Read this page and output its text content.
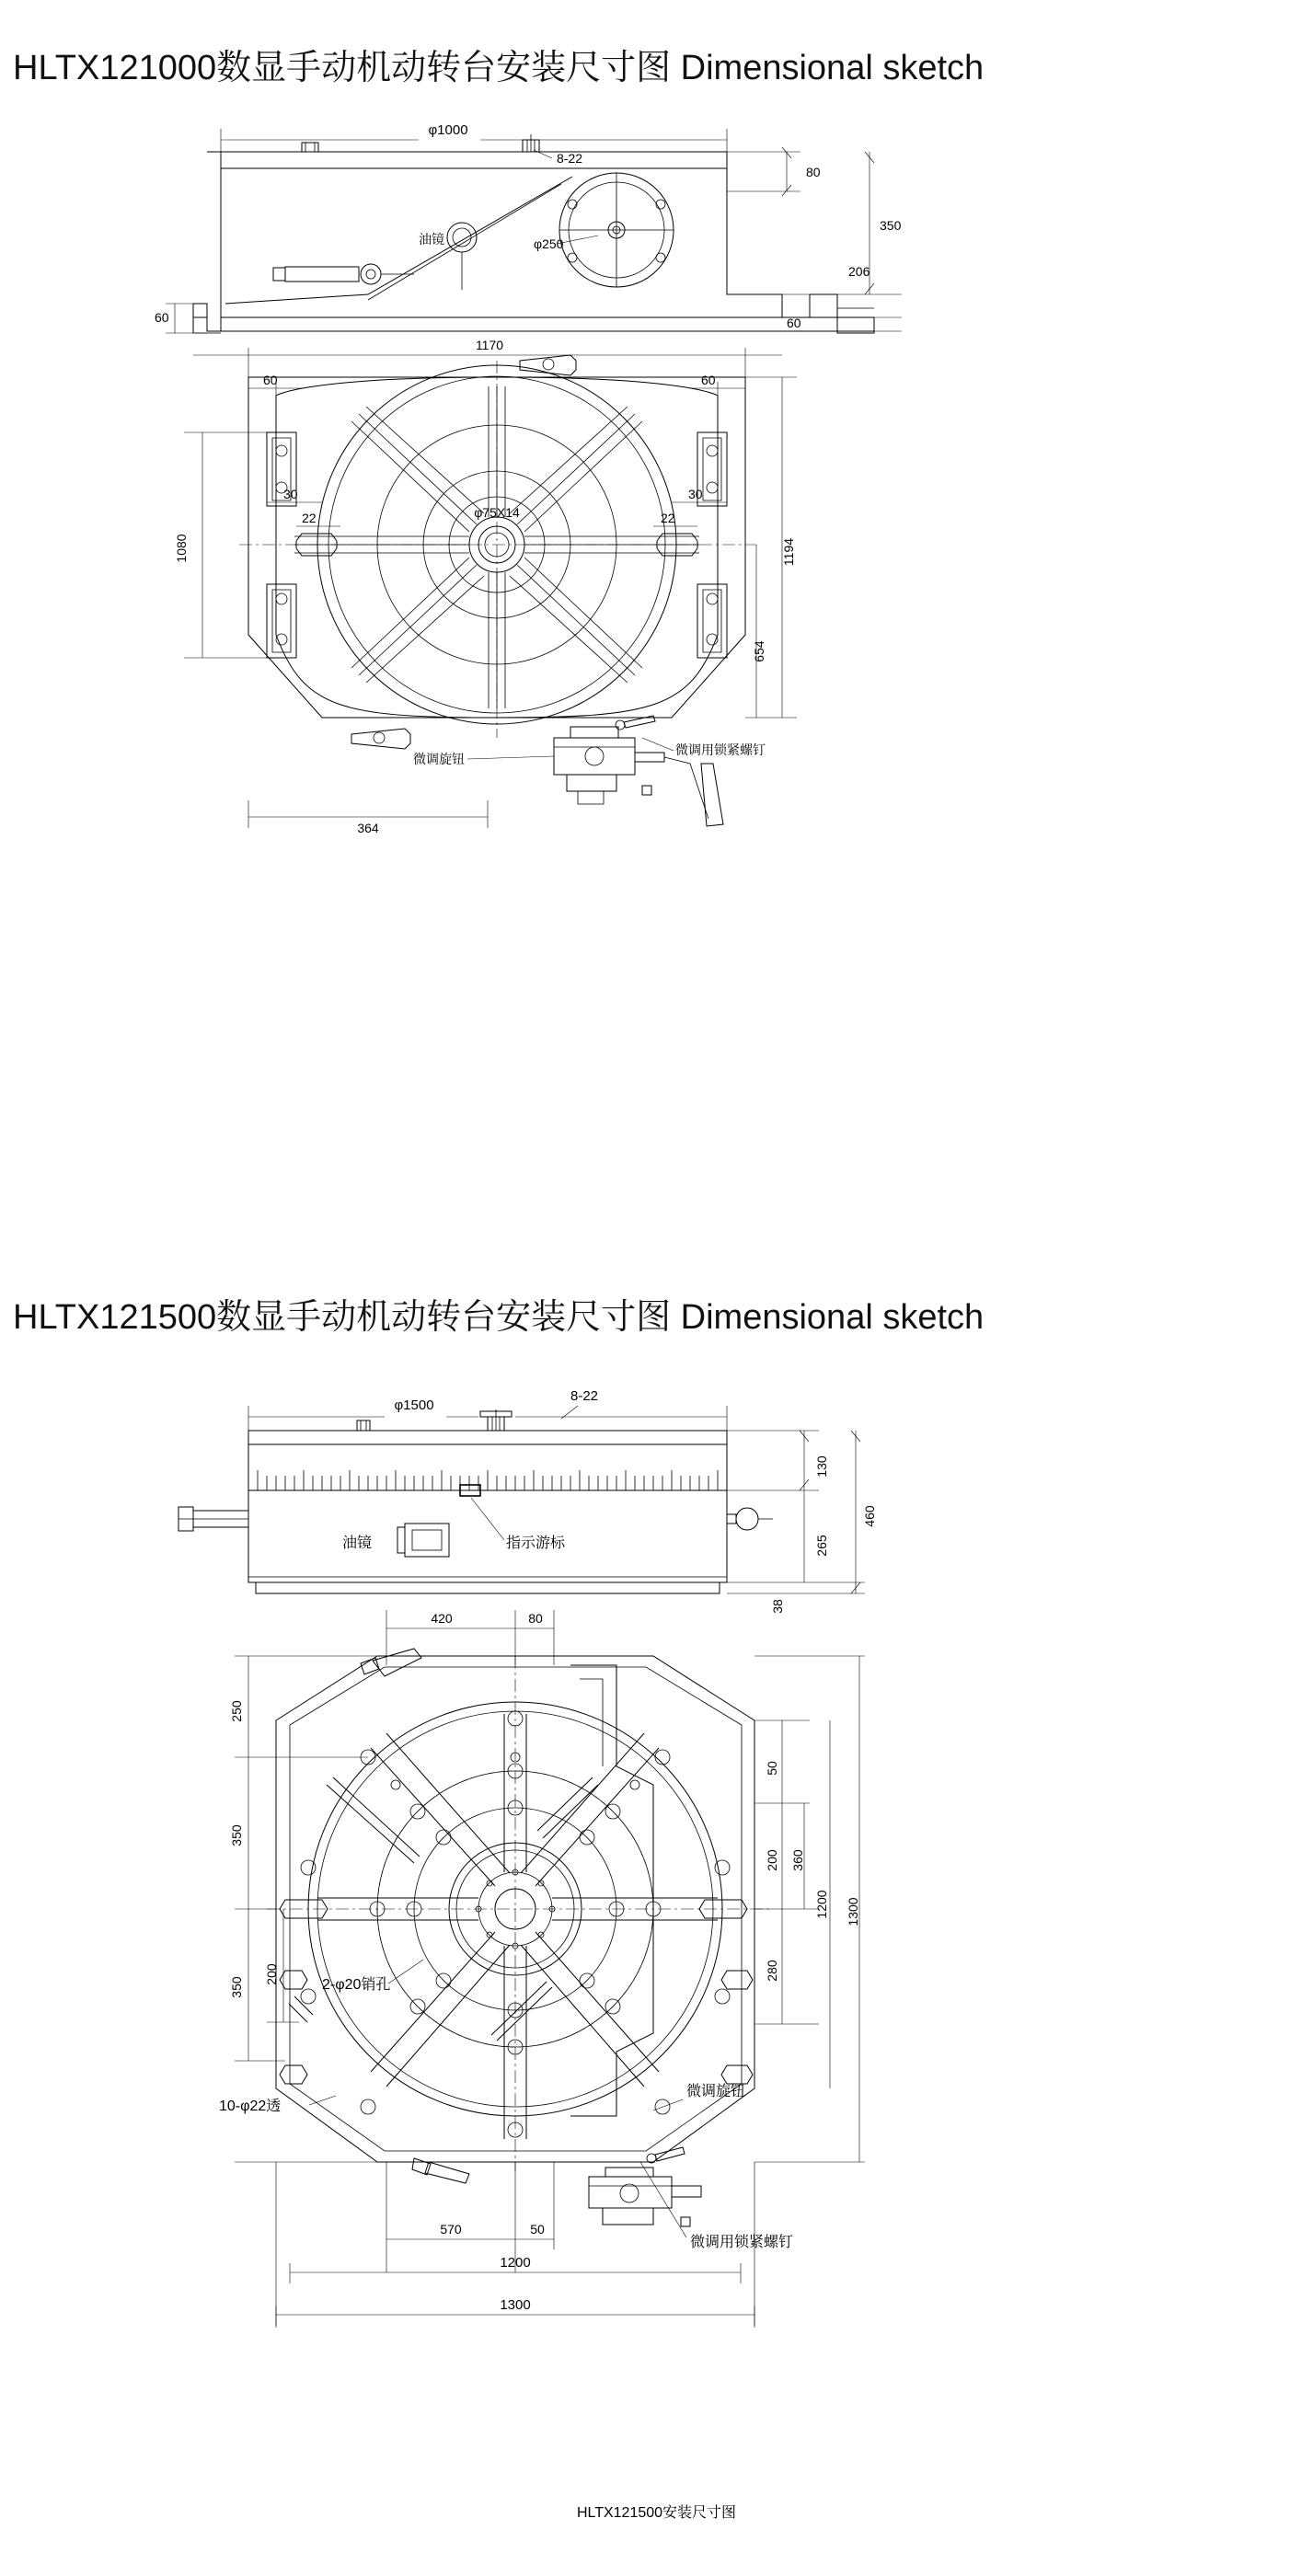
HLTX121000数显手动机动转台安装尺寸图 Dimensional sketch
φ1000
8-22
油镜	φ250
80
350
206
60	60
φ75X14
1170
60	60
30	30
22	22
1080	1194
654
364
微调旋钮
微调用锁紧螺钉
HLTX121500数显手动机动转台安装尺寸图 Dimensional sketch
φ1500
8-22
油镜	指示游标
130
265
460
38
420	80
250
350
350
200
50
200 360
280
1200 1300
570	50
1200
1300
2-φ20销孔
10-φ22透
微调旋钮
微调用锁紧螺钉
HLTX121500安装尺寸图
